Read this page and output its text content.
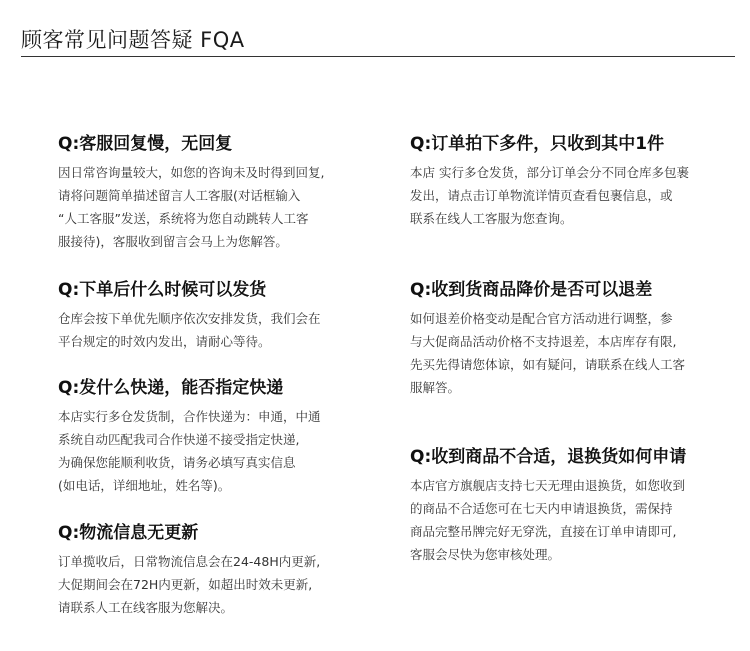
顾客常见问题答疑 FQA
Q:客服回复慢，无回复
因日常咨询量较大，如您的咨询未及时得到回复,
请将问题简单描述留言人工客服(对话框输入
“人工客服”发送，系统将为您自动跳转人工客
服接待)，客服收到留言会马上为您解答。
Q:下单后什么时候可以发货
仓库会按下单优先顺序依次安排发货，我们会在
平台规定的时效内发出，请耐心等待。
Q:发什么快递，能否指定快递
本店实行多仓发货制，合作快递为：申通，中通
系统自动匹配我司合作快递不接受指定快递,
为确保您能顺利收货，请务必填写真实信息
(如电话，详细地址，姓名等)。
Q:物流信息无更新
订单揽收后，日常物流信息会在24-48H内更新,
大促期间会在72H内更新，如超出时效未更新,
请联系人工在线客服为您解决。
Q:订单拍下多件，只收到其中1件
本店 实行多仓发货，部分订单会分不同仓库多包裹
发出，请点击订单物流详情页查看包裹信息，或
联系在线人工客服为您查询。
Q:收到货商品降价是否可以退差
如何退差价格变动是配合官方活动进行调整，参
与大促商品活动价格不支持退差，本店库存有限,
先买先得请您体谅，如有疑问，请联系在线人工客
服解答。
Q:收到商品不合适，退换货如何申请
本店官方旗舰店支持七天无理由退换货，如您收到
的商品不合适您可在七天内申请退换货，需保持
商品完整吊牌完好无穿洗，直接在订单申请即可,
客服会尽快为您审核处理。
